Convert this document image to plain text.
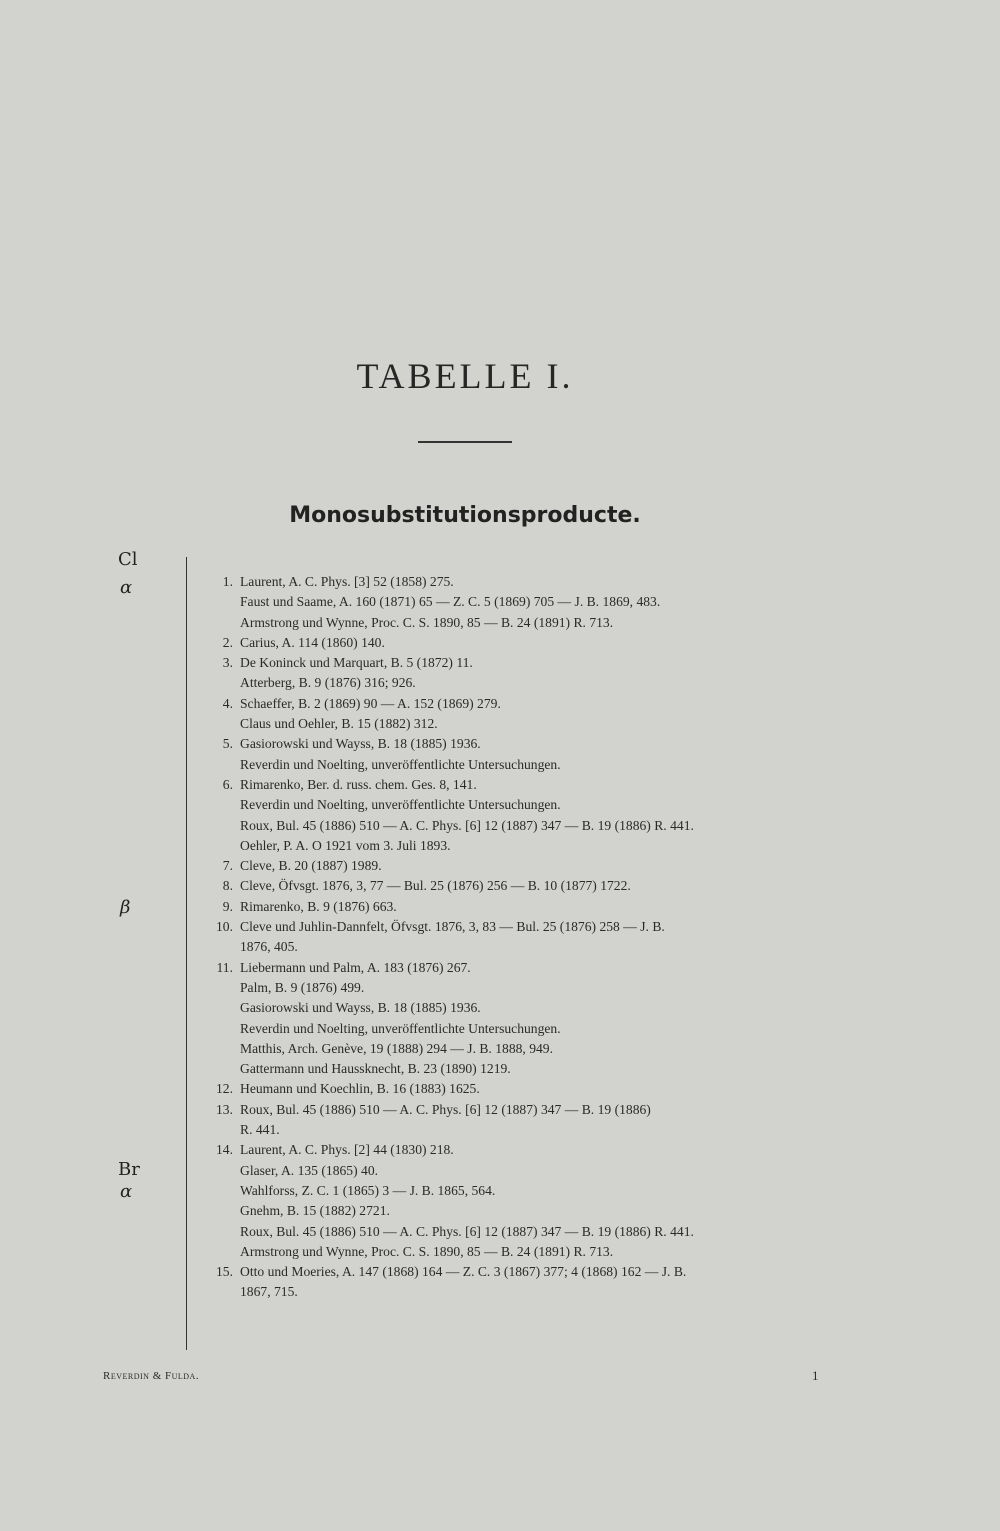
TABELLE I.
Monosubstitutionsproducte.
Cl
α
β
Br
α
1. Laurent, A. C. Phys. [3] 52 (1858) 275.
Faust und Saame, A. 160 (1871) 65 — Z. C. 5 (1869) 705 — J. B. 1869, 483.
Armstrong und Wynne, Proc. C. S. 1890, 85 — B. 24 (1891) R. 713.
2. Carius, A. 114 (1860) 140.
3. De Koninck und Marquart, B. 5 (1872) 11.
Atterberg, B. 9 (1876) 316; 926.
4. Schaeffer, B. 2 (1869) 90 — A. 152 (1869) 279.
Claus und Oehler, B. 15 (1882) 312.
5. Gasiorowski und Wayss, B. 18 (1885) 1936.
Reverdin und Noelting, unveröffentlichte Untersuchungen.
6. Rimarenko, Ber. d. russ. chem. Ges. 8, 141.
Reverdin und Noelting, unveröffentlichte Untersuchungen.
Roux, Bul. 45 (1886) 510 — A. C. Phys. [6] 12 (1887) 347 — B. 19 (1886) R. 441.
Oehler, P. A. O 1921 vom 3. Juli 1893.
7. Cleve, B. 20 (1887) 1989.
8. Cleve, Öfvsgt. 1876, 3, 77 — Bul. 25 (1876) 256 — B. 10 (1877) 1722.
9. Rimarenko, B. 9 (1876) 663.
10. Cleve und Juhlin-Dannfelt, Öfvsgt. 1876, 3, 83 — Bul. 25 (1876) 258 — J. B.
1876, 405.
11. Liebermann und Palm, A. 183 (1876) 267.
Palm, B. 9 (1876) 499.
Gasiorowski und Wayss, B. 18 (1885) 1936.
Reverdin und Noelting, unveröffentlichte Untersuchungen.
Matthis, Arch. Genève, 19 (1888) 294 — J. B. 1888, 949.
Gattermann und Haussknecht, B. 23 (1890) 1219.
12. Heumann und Koechlin, B. 16 (1883) 1625.
13. Roux, Bul. 45 (1886) 510 — A. C. Phys. [6] 12 (1887) 347 — B. 19 (1886)
R. 441.
14. Laurent, A. C. Phys. [2] 44 (1830) 218.
Glaser, A. 135 (1865) 40.
Wahlforss, Z. C. 1 (1865) 3 — J. B. 1865, 564.
Gnehm, B. 15 (1882) 2721.
Roux, Bul. 45 (1886) 510 — A. C. Phys. [6] 12 (1887) 347 — B. 19 (1886) R. 441.
Armstrong und Wynne, Proc. C. S. 1890, 85 — B. 24 (1891) R. 713.
15. Otto und Moeries, A. 147 (1868) 164 — Z. C. 3 (1867) 377; 4 (1868) 162 — J. B.
1867, 715.
Reverdin & Fulda.	1
